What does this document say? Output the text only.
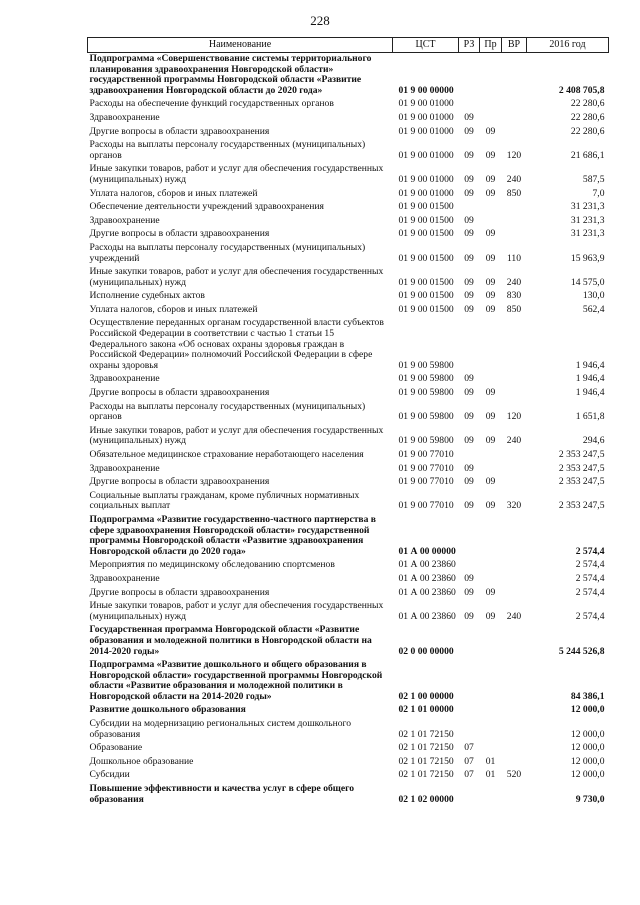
228
Наименование	ЦСТ	РЗ	Пр	ВР	2016 год
Подпрограмма «Совершенствование системы территориального планирования здравоохранения Новгородской области» государственной программы Новгородской области «Развитие здравоохранения Новгородской области до 2020 года»	01 9 00 00000				2 408 705,8
Расходы на обеспечение функций государственных органов	01 9 00 01000				22 280,6
Здравоохранение	01 9 00 01000	09			22 280,6
Другие вопросы в области здравоохранения	01 9 00 01000	09	09		22 280,6
Расходы на выплаты персоналу государственных (муниципальных) органов	01 9 00 01000	09	09	120	21 686,1
Иные закупки товаров, работ и услуг для обеспечения государственных (муниципальных) нужд	01 9 00 01000	09	09	240	587,5
Уплата налогов, сборов и иных платежей	01 9 00 01000	09	09	850	7,0
Обеспечение деятельности учреждений здравоохранения	01 9 00 01500				31 231,3
Здравоохранение	01 9 00 01500	09			31 231,3
Другие вопросы в области здравоохранения	01 9 00 01500	09	09		31 231,3
Расходы на выплаты персоналу государственных (муниципальных) учреждений	01 9 00 01500	09	09	110	15 963,9
Иные закупки товаров, работ и услуг для обеспечения государственных (муниципальных) нужд	01 9 00 01500	09	09	240	14 575,0
Исполнение судебных актов	01 9 00 01500	09	09	830	130,0
Уплата налогов, сборов и иных платежей	01 9 00 01500	09	09	850	562,4
Осуществление переданных органам государственной власти субъектов Российской Федерации в соответствии с частью 1 статьи 15 Федерального закона «Об основах охраны здоровья граждан в Российской Федерации» полномочий Российской Федерации в сфере охраны здоровья	01 9 00 59800				1 946,4
Здравоохранение	01 9 00 59800	09			1 946,4
Другие вопросы в области здравоохранения	01 9 00 59800	09	09		1 946,4
Расходы на выплаты персоналу государственных (муниципальных) органов	01 9 00 59800	09	09	120	1 651,8
Иные закупки товаров, работ и услуг для обеспечения государственных (муниципальных) нужд	01 9 00 59800	09	09	240	294,6
Обязательное медицинское страхование неработающего населения	01 9 00 77010				2 353 247,5
Здравоохранение	01 9 00 77010	09			2 353 247,5
Другие вопросы в области здравоохранения	01 9 00 77010	09	09		2 353 247,5
Социальные выплаты гражданам, кроме публичных нормативных социальных выплат	01 9 00 77010	09	09	320	2 353 247,5
Подпрограмма «Развитие государственно-частного партнерства в сфере здравоохранения Новгородской области» государственной программы Новгородской области «Развитие здравоохранения Новгородской области до 2020 года»	01 А 00 00000				2 574,4
Мероприятия по медицинскому обследованию спортсменов	01 А 00 23860				2 574,4
Здравоохранение	01 А 00 23860	09			2 574,4
Другие вопросы в области здравоохранения	01 А 00 23860	09	09		2 574,4
Иные закупки товаров, работ и услуг для обеспечения государственных (муниципальных) нужд	01 А 00 23860	09	09	240	2 574,4
Государственная программа Новгородской области «Развитие образования и молодежной политики в Новгородской области на 2014-2020 годы»	02 0 00 00000				5 244 526,8
Подпрограмма «Развитие дошкольного и общего образования в Новгородской области» государственной программы Новгородской области «Развитие образования и молодежной политики в Новгородской области на 2014-2020 годы»	02 1 00 00000				84 386,1
Развитие дошкольного образования	02 1 01 00000				12 000,0
Субсидии на модернизацию региональных систем дошкольного образования	02 1 01 72150				12 000,0
Образование	02 1 01 72150	07			12 000,0
Дошкольное образование	02 1 01 72150	07	01		12 000,0
Субсидии	02 1 01 72150	07	01	520	12 000,0
Повышение эффективности и качества услуг в сфере общего образования	02 1 02 00000				9 730,0
